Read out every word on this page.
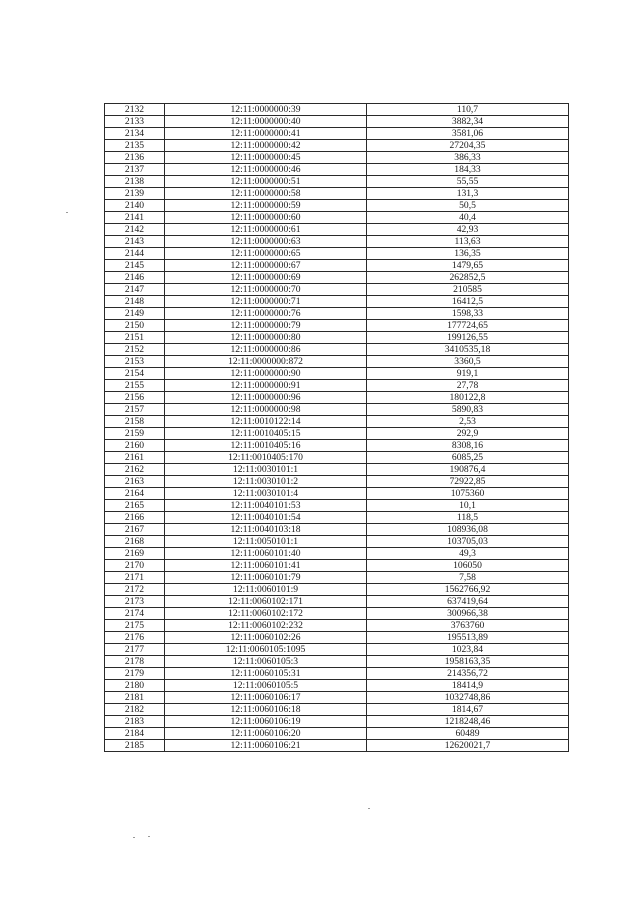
2132	12:11:0000000:39	110,7
2133	12:11:0000000:40	3882,34
2134	12:11:0000000:41	3581,06
2135	12:11:0000000:42	27204,35
2136	12:11:0000000:45	386,33
2137	12:11:0000000:46	184,33
2138	12:11:0000000:51	55,55
2139	12:11:0000000:58	131,3
2140	12:11:0000000:59	50,5
2141	12:11:0000000:60	40,4
2142	12:11:0000000:61	42,93
2143	12:11:0000000:63	113,63
2144	12:11:0000000:65	136,35
2145	12:11:0000000:67	1479,65
2146	12:11:0000000:69	262852,5
2147	12:11:0000000:70	210585
2148	12:11:0000000:71	16412,5
2149	12:11:0000000:76	1598,33
2150	12:11:0000000:79	177724,65
2151	12:11:0000000:80	199126,55
2152	12:11:0000000:86	3410535,18
2153	12:11:0000000:872	3360,5
2154	12:11:0000000:90	919,1
2155	12:11:0000000:91	27,78
2156	12:11:0000000:96	180122,8
2157	12:11:0000000:98	5890,83
2158	12:11:0010122:14	2,53
2159	12:11:0010405:15	292,9
2160	12:11:0010405:16	8308,16
2161	12:11:0010405:170	6085,25
2162	12:11:0030101:1	190876,4
2163	12:11:0030101:2	72922,85
2164	12:11:0030101:4	1075360
2165	12:11:0040101:53	10,1
2166	12:11:0040101:54	118,5
2167	12:11:0040103:18	108936,08
2168	12:11:0050101:1	103705,03
2169	12:11:0060101:40	49,3
2170	12:11:0060101:41	106050
2171	12:11:0060101:79	7,58
2172	12:11:0060101:9	1562766,92
2173	12:11:0060102:171	637419,64
2174	12:11:0060102:172	300966,38
2175	12:11:0060102:232	3763760
2176	12:11:0060102:26	195513,89
2177	12:11:0060105:1095	1023,84
2178	12:11:0060105:3	1958163,35
2179	12:11:0060105:31	214356,72
2180	12:11:0060105:5	18414,9
2181	12:11:0060106:17	1032748,86
2182	12:11:0060106:18	1814,67
2183	12:11:0060106:19	1218248,46
2184	12:11:0060106:20	60489
2185	12:11:0060106:21	12620021,7
